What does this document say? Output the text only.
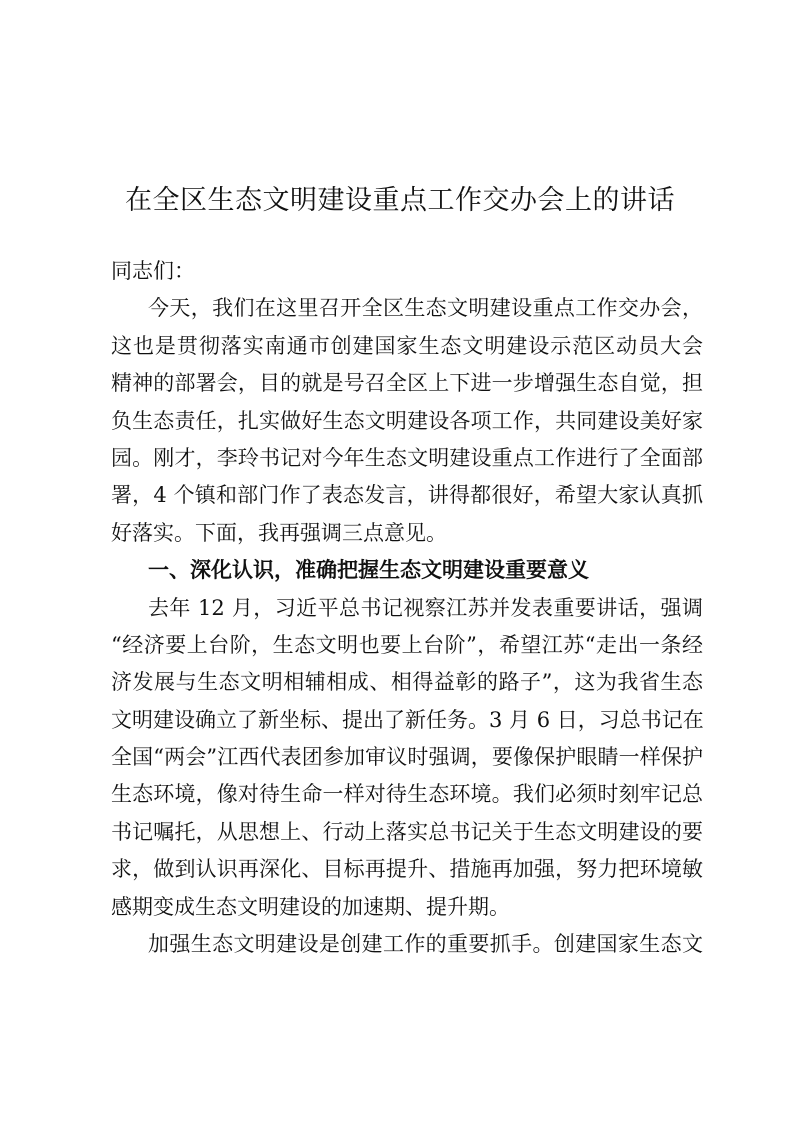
在全区生态文明建设重点工作交办会上的讲话
同志们：
今天，我们在这里召开全区生态文明建设重点工作交办会，
这也是贯彻落实南通市创建国家生态文明建设示范区动员大会
精神的部署会，目的就是号召全区上下进一步增强生态自觉，担
负生态责任，扎实做好生态文明建设各项工作，共同建设美好家
园。刚才，李玲书记对今年生态文明建设重点工作进行了全面部
署，4 个镇和部门作了表态发言，讲得都很好，希望大家认真抓
好落实。下面，我再强调三点意见。
一、深化认识，准确把握生态文明建设重要意义
去年 12 月，习近平总书记视察江苏并发表重要讲话，强调
“经济要上台阶，生态文明也要上台阶”，希望江苏“走出一条经
济发展与生态文明相辅相成、相得益彰的路子”，这为我省生态
文明建设确立了新坐标、提出了新任务。3 月 6 日，习总书记在
全国“两会”江西代表团参加审议时强调，要像保护眼睛一样保护
生态环境，像对待生命一样对待生态环境。我们必须时刻牢记总
书记嘱托，从思想上、行动上落实总书记关于生态文明建设的要
求，做到认识再深化、目标再提升、措施再加强，努力把环境敏
感期变成生态文明建设的加速期、提升期。
加强生态文明建设是创建工作的重要抓手。创建国家生态文
